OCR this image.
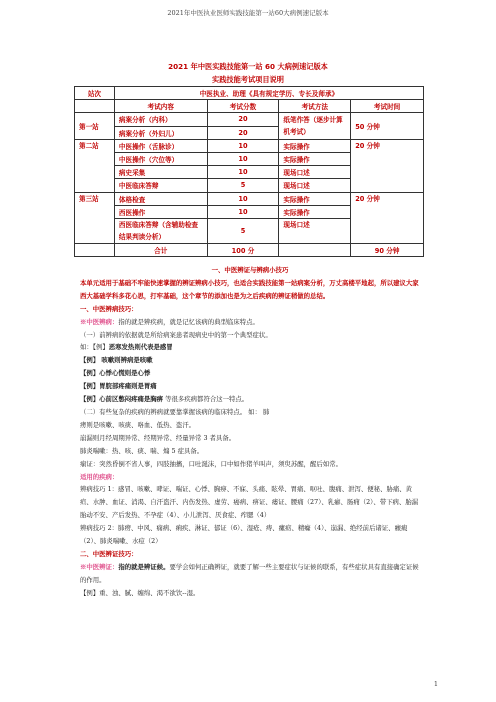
2021年中医执业医师实践技能第一站60大病例速记版本
2021 年中医实践技能第一站 60 大病例速记版本
实践技能考试项目说明
站次	中医执业、助理《具有规定学历、专长及师承》			
	考试内容	考试分数	考试方法	考试时间
第一站	病案分析（内科）	20	纸笔作答（逐步计算机考试）	50 分钟
	病案分析（外妇儿）	20		
第二站	中医操作（舌脉诊）	10	实际操作	20 分钟
	中医操作（穴位等）	10	实际操作	
	病史采集	10	现场口述	
	中医临床答辩	5	现场口述	
第三站	体格检查	10	实际操作	20 分钟
	西医操作	10	实际操作	
	西医临床答辩（含辅助检查结果判读分析）	5	现场口述	
	合计	100 分		90 分钟

一、中医辨证与辨病小技巧

本单元适用于基础不牢能快速掌握的辨证辨病小技巧，也适合实践技能第一站病案分析，万丈高楼平地起，所以建议大家西大基础学科多花心思，打牢基础，这个章节的添加也是为之后疾病的辨证稍做的总结。

一、中医辨病技巧：

※中医辨病：指的就是辨疾病，就是记忆该病的典型临床特点。

（一）前辨病的依据就是所给病案患者现病史中的第一个典型症状。

如：【例】恶寒发热则代表是感冒

【例】 咳嗽则辨病是咳嗽

【例】心悸心慌则是心悸

【例】胃脘部疼痛则是胃痛

【例】心前区憋闷疼痛是胸痹 等很多疾病都符合这一特点。

（二）有些复杂的疾病的辨病就要靠掌握该病的临床特点。 如： 肺

痨则是咳嗽、咳痰、咯血、低热、盗汗。

崩漏则月经周期异常、经期异常、经量异常 3 者具备。

肺炎喘嗽：热、咳、痰、喘、煽 5 症具备。

痫证：突然昏倒不省人事，四肢抽搐，口吐涎沫，口中如作猪羊叫声，须臾苏醒，醒后如常。

适用的疾病：

辨病技巧 1：感冒、咳嗽、哮证、喘证、心悸、胸痹、不寐、头痛、眩晕、胃痛、呕吐、腹痛、泄泻、便秘、胁痛、黄疸、水肿、血证、消渴、自汗盗汗、内伤发热、虚劳、癌病、痹证、痿证、腰痛（27）、乳癖、肠痈（2）、带下病、胎漏胎动不安、产后发热、不孕症（4）、小儿泄泻、厌食症、痄腮（4）

辨病技巧 2：肺痨、中风、痫病、痢疾、淋证、郁证（6）、湿疮、痔、瘰疬、精癃（4）、崩漏、绝经前后诸证、癥瘕（2）、肺炎喘嗽、水痘（2）

二、中医辨证技巧：

※中医辨证：指的就是辨证候。要学会如何正确辨证，就要了解一些主要症状与证候的联系，有些症状具有直接确定证候的作用。

【例】重、浊、腻、缠绵、渴不欲饮--湿。

1
